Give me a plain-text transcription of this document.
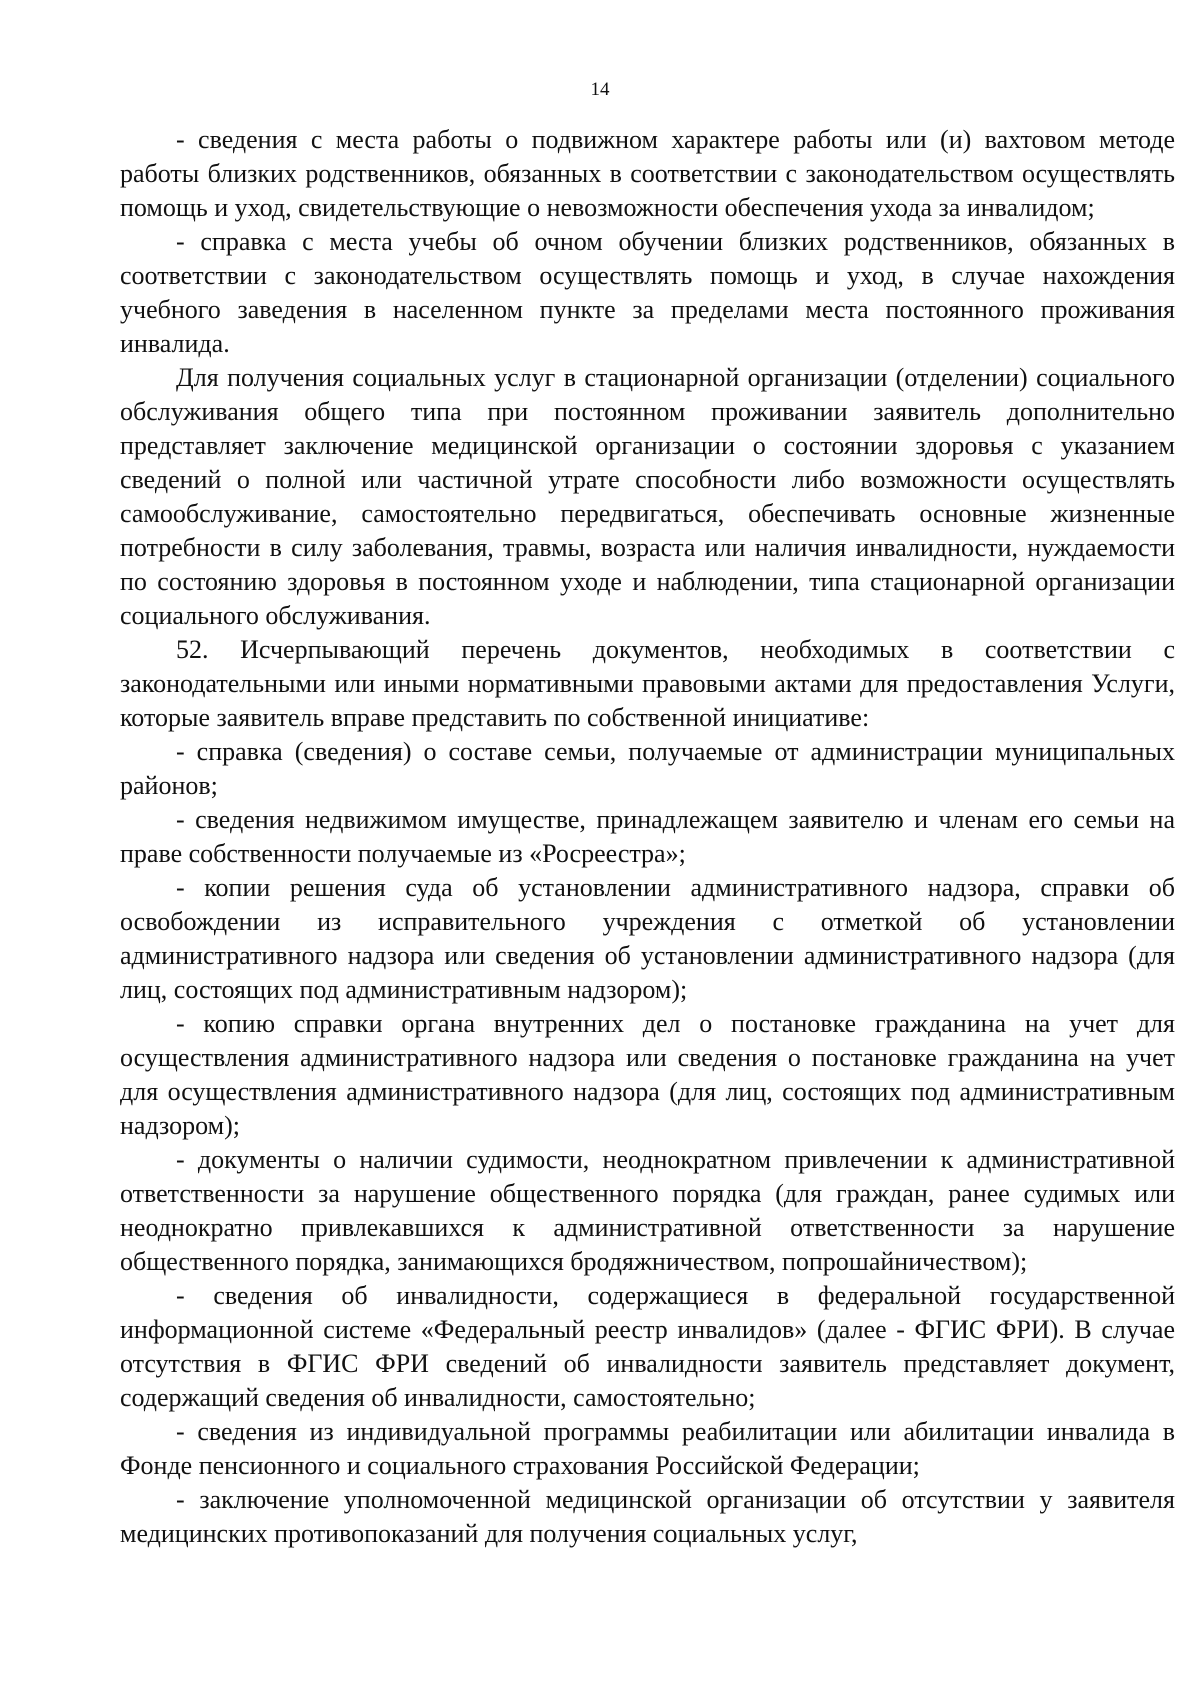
14

- сведения с места работы о подвижном характере работы или (и) вахтовом методе работы близких родственников, обязанных в соответствии с законодательством осуществлять помощь и уход, свидетельствующие о невозможности обеспечения ухода за инвалидом;

- справка с места учебы об очном обучении близких родственников, обязанных в соответствии с законодательством осуществлять помощь и уход, в случае нахождения учебного заведения в населенном пункте за пределами места постоянного проживания инвалида.

Для получения социальных услуг в стационарной организации (отделении) социального обслуживания общего типа при постоянном проживании заявитель дополнительно представляет заключение медицинской организации о состоянии здоровья с указанием сведений о полной или частичной утрате способности либо возможности осуществлять самообслуживание, самостоятельно передвигаться, обеспечивать основные жизненные потребности в силу заболевания, травмы, возраста или наличия инвалидности, нуждаемости по состоянию здоровья в постоянном уходе и наблюдении, типа стационарной организации социального обслуживания.

52. Исчерпывающий перечень документов, необходимых в соответствии с законодательными или иными нормативными правовыми актами для предоставления Услуги, которые заявитель вправе представить по собственной инициативе:

- справка (сведения) о составе семьи, получаемые от администрации муниципальных районов;

- сведения недвижимом имуществе, принадлежащем заявителю и членам его семьи на праве собственности получаемые из «Росреестра»;

- копии решения суда об установлении административного надзора, справки об освобождении из исправительного учреждения с отметкой об установлении административного надзора или сведения об установлении административного надзора (для лиц, состоящих под административным надзором);

- копию справки органа внутренних дел о постановке гражданина на учет для осуществления административного надзора или сведения о постановке гражданина на учет для осуществления административного надзора (для лиц, состоящих под административным надзором);

- документы о наличии судимости, неоднократном привлечении к административной ответственности за нарушение общественного порядка (для граждан, ранее судимых или неоднократно привлекавшихся к административной ответственности за нарушение общественного порядка, занимающихся бродяжничеством, попрошайничеством);

- сведения об инвалидности, содержащиеся в федеральной государственной информационной системе «Федеральный реестр инвалидов» (далее - ФГИС ФРИ). В случае отсутствия в ФГИС ФРИ сведений об инвалидности заявитель представляет документ, содержащий сведения об инвалидности, самостоятельно;

- сведения из индивидуальной программы реабилитации или абилитации инвалида в Фонде пенсионного и социального страхования Российской Федерации;

- заключение уполномоченной медицинской организации об отсутствии у заявителя медицинских противопоказаний для получения социальных услуг,
